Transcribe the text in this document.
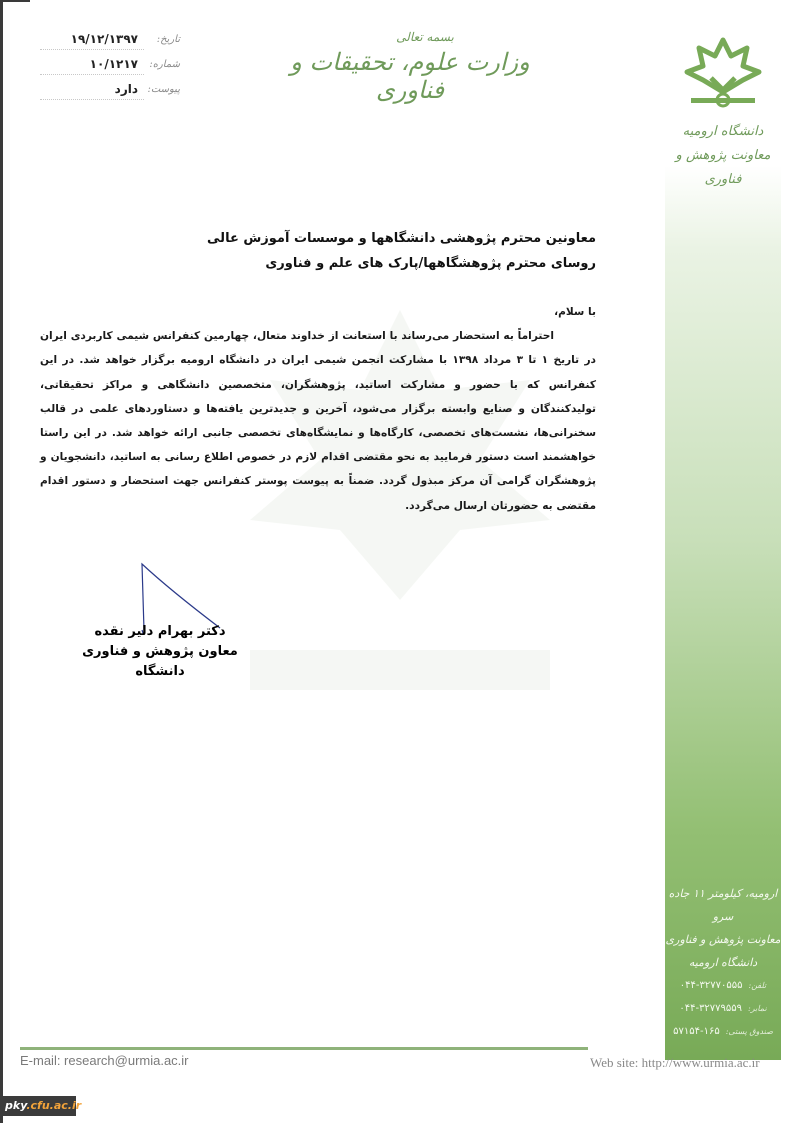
تاریخ:
۱۹/۱۲/۱۳۹۷
شماره:
۱۰/۱۲۱۷
پیوست:
دارد
بسمه تعالی
وزارت علوم، تحقیقات و فناوری
دانشگاه ارومیه
معاونت پژوهش و
فناوری
ارومیه، کیلومتر ۱۱ جاده سرو
معاونت پژوهش و فناوری
دانشگاه ارومیه
تلفن:
۰۴۴-۳۲۷۷۰۵۵۵
نمابر:
۰۴۴-۳۲۷۷۹۵۵۹
صندوق پستی:
۵۷۱۵۴-۱۶۵
معاونین محترم پژوهشی دانشگاهها و موسسات آموزش عالی
روسای محترم پژوهشگاهها/پارک های علم و فناوری

با سلام،

احتراماً به استحضار می‌رساند با استعانت از خداوند متعال، چهارمین کنفرانس شیمی کاربردی ایران در تاریخ ۱ تا ۳ مرداد ۱۳۹۸ با مشارکت انجمن شیمی ایران در دانشگاه ارومیه برگزار خواهد شد. در این کنفرانس که با حضور و مشارکت اساتید، پژوهشگران، متخصصین دانشگاهی و مراکز تحقیقاتی، تولیدکنندگان و صنایع وابسته برگزار می‌شود، آخرین و جدیدترین یافته‌ها و دستاوردهای علمی در قالب سخنرانی‌ها، نشست‌های تخصصی، کارگاه‌ها و نمایشگاه‌های تخصصی جانبی ارائه خواهد شد. در این راستا خواهشمند است دستور فرمایید به نحو مقتضی اقدام لازم در خصوص اطلاع رسانی به اساتید، دانشجویان و پژوهشگران گرامی آن مرکز مبذول گردد. ضمناً به پیوست پوستر کنفرانس جهت استحضار و دستور اقدام مقتضی به حضورتان ارسال می‌گردد.

دکتر بهرام دلیر نقده
معاون پژوهش و فناوری دانشگاه
E-mail: research@urmia.ac.ir	Web site: http://www.urmia.ac.ir
pky.cfu.ac.ir
